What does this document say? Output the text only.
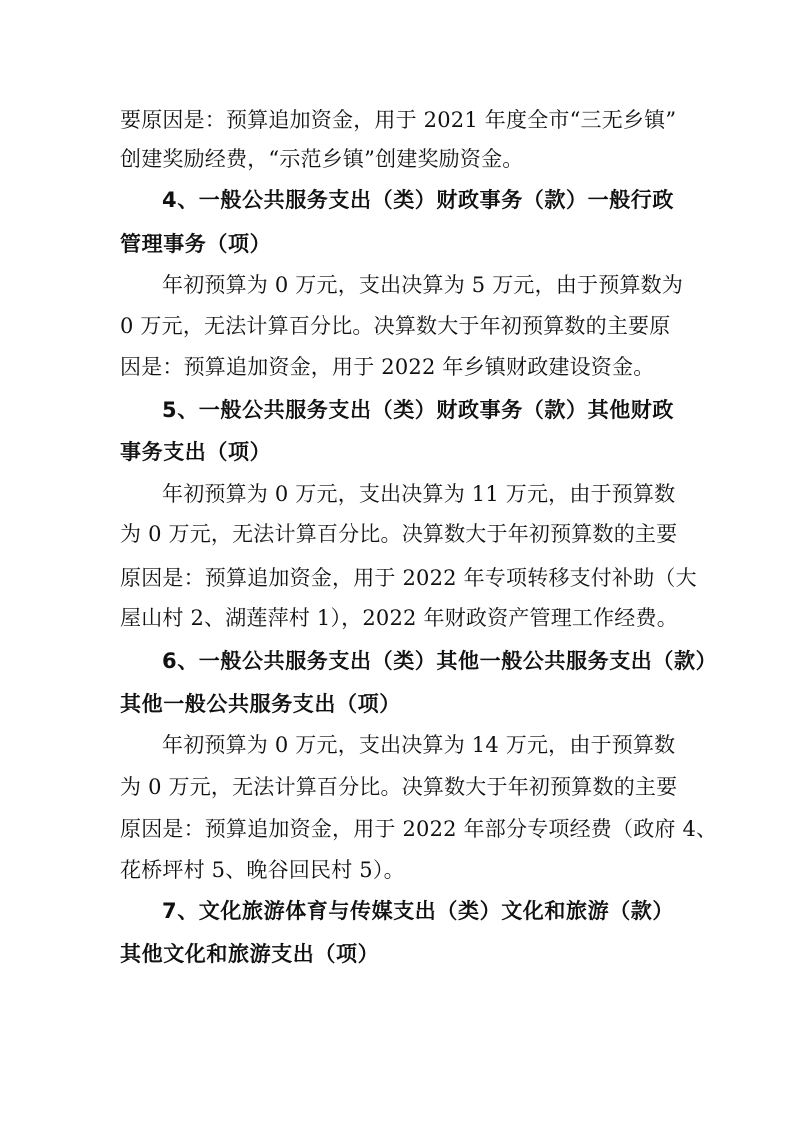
要原因是：预算追加资金，用于 2021 年度全市“三无乡镇”
创建奖励经费，“示范乡镇”创建奖励资金。
4、一般公共服务支出（类）财政事务（款）一般行政
管理事务（项）
年初预算为 0 万元，支出决算为 5 万元，由于预算数为
0 万元，无法计算百分比。决算数大于年初预算数的主要原
因是：预算追加资金，用于 2022 年乡镇财政建设资金。
5、一般公共服务支出（类）财政事务（款）其他财政
事务支出（项）
年初预算为 0 万元，支出决算为 11 万元，由于预算数
为 0 万元，无法计算百分比。决算数大于年初预算数的主要
原因是：预算追加资金，用于 2022 年专项转移支付补助（大
屋山村 2、湖莲萍村 1），2022 年财政资产管理工作经费。
6、一般公共服务支出（类）其他一般公共服务支出（款）
其他一般公共服务支出（项）
年初预算为 0 万元，支出决算为 14 万元，由于预算数
为 0 万元，无法计算百分比。决算数大于年初预算数的主要
原因是：预算追加资金，用于 2022 年部分专项经费（政府 4、
花桥坪村 5、晚谷回民村 5）。
7、文化旅游体育与传媒支出（类）文化和旅游（款）
其他文化和旅游支出（项）
